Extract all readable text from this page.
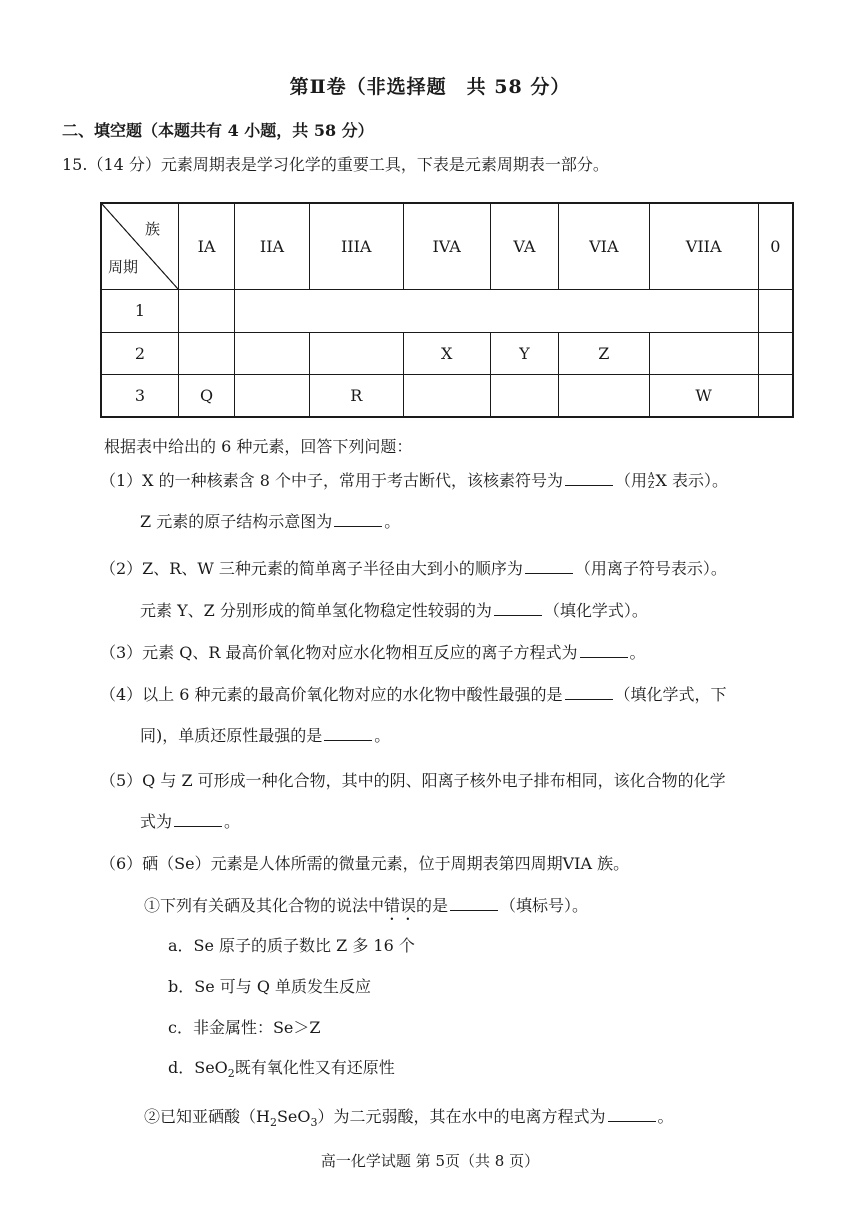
第Ⅱ卷（非选择题　共 58 分）
二、填空题（本题共有 4 小题，共 58 分）
15.（14 分）元素周期表是学习化学的重要工具，下表是元素周期表一部分。
族
周期	IA	IIA	IIIA	IVA	VA	VIA	VIIA	0
1								
2				X	Y	Z		
3	Q		R				W	
根据表中给出的 6 种元素，回答下列问题：
（1）X 的一种核素含 8 个中子，常用于考古断代，该核素符号为	（用 A
Z X 表示）。
Z 元素的原子结构示意图为	。
（2）Z、R、W 三种元素的简单离子半径由大到小的顺序为	（用离子符号表示）。
元素 Y、Z 分别形成的简单氢化物稳定性较弱的为	（填化学式）。
（3）元素 Q、R 最高价氧化物对应水化物相互反应的离子方程式为	。
（4）以上 6 种元素的最高价氧化物对应的水化物中酸性最强的是	（填化学式，下
同)，单质还原性最强的是	。
（5）Q 与 Z 可形成一种化合物，其中的阴、阳离子核外电子排布相同，该化合物的化学
式为	。
（6）硒（Se）元素是人体所需的微量元素，位于周期表第四周期VIA 族。
①下列有关硒及其化合物的说法中错误的是	（填标号）。
a．Se 原子的质子数比 Z 多 16 个
b．Se 可与 Q 单质发生反应
c．非金属性：Se＞Z
d．SeO$_2$既有氧化性又有还原性
②已知亚硒酸$(H_2SeO_3)$为二元弱酸，其在水中的电离方程式为	。
高一化学试题 第 5页（共 8 页）
